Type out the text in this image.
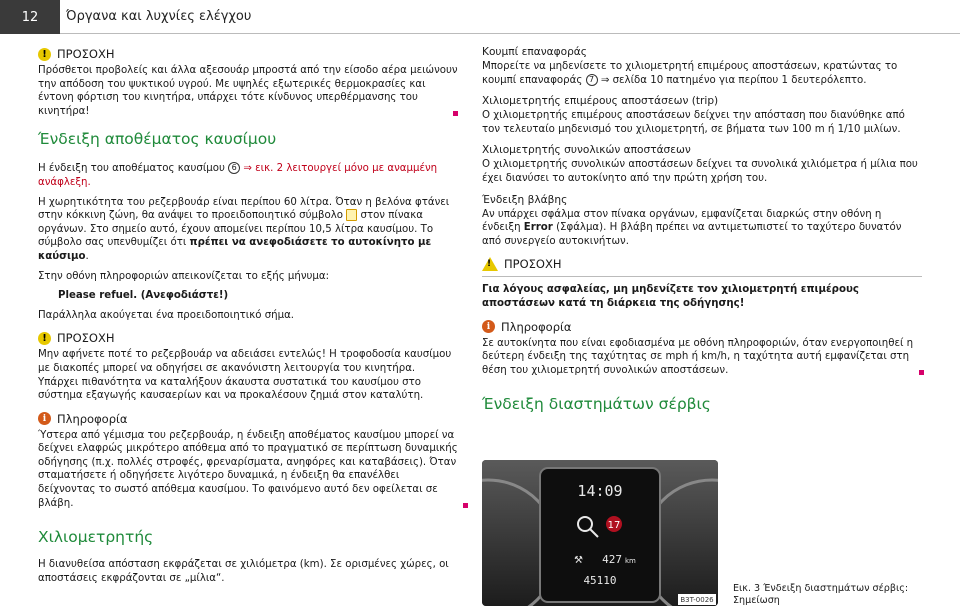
12	Όργανα και λυχνίες ελέγχου
! ΠΡΟΣΟΧΗ

Πρόσθετοι προβολείς και άλλα αξεσουάρ μπροστά από την είσοδο αέρα μειώνουν την απόδοση του ψυκτικού υγρού. Με υψηλές εξωτερικές θερμοκρασίες και έντονη φόρτιση του κινητήρα, υπάρχει τότε κίνδυνος υπερθέρμανσης του κινητήρα!

Ένδειξη αποθέματος καυσίμου

Η ένδειξη του αποθέματος καυσίμου 6 ⇒ εικ. 2 λειτουργεί μόνο με αναμμένη ανάφλεξη.

Η χωρητικότητα του ρεζερβουάρ είναι περίπου 60 λίτρα. Όταν η βελόνα φτάνει στην κόκκινη ζώνη, θα ανάψει το προειδοποιητικό σύμβολο στον πίνακα οργάνων. Στο σημείο αυτό, έχουν απομείνει περίπου 10,5 λίτρα καυσίμου. Το σύμβολο σας υπενθυμίζει ότι πρέπει να ανεφοδιάσετε το αυτοκίνητο με καύσιμο.

Στην οθόνη πληροφοριών απεικονίζεται το εξής μήνυμα:

Please refuel. (Ανεφοδιάστε!)

Παράλληλα ακούγεται ένα προειδοποιητικό σήμα.

! ΠΡΟΣΟΧΗ

Μην αφήνετε ποτέ το ρεζερβουάρ να αδειάσει εντελώς! Η τροφοδοσία καυσίμου με διακοπές μπορεί να οδηγήσει σε ακανόνιστη λειτουργία του κινητήρα. Υπάρχει πιθανότητα να καταλήξουν άκαυστα συστατικά του καυσίμου στο σύστημα εξαγωγής καυσαερίων και να προκαλέσουν ζημιά στον καταλύτη.

i Πληροφορία

Ύστερα από γέμισμα του ρεζερβουάρ, η ένδειξη αποθέματος καυσίμου μπορεί να δείχνει ελαφρώς μικρότερο απόθεμα από το πραγματικό σε περίπτωση δυναμικής οδήγησης (π.χ. πολλές στροφές, φρεναρίσματα, ανηφόρες και καταβάσεις). Όταν σταματήσετε ή οδηγήσετε λιγότερο δυναμικά, η ένδειξη θα επανέλθει δείχνοντας το σωστό απόθεμα καυσίμου. Το φαινόμενο αυτό δεν οφείλεται σε βλάβη.

Χιλιομετρητής

Η διανυθείσα απόσταση εκφράζεται σε χιλιόμετρα (km). Σε ορισμένες χώρες, οι αποστάσεις εκφράζονται σε „μίλια“.

Κουμπί επαναφοράς

Μπορείτε να μηδενίσετε το χιλιομετρητή επιμέρους αποστάσεων, κρατώντας το κουμπί επαναφοράς 7 ⇒ σελίδα 10 πατημένο για περίπου 1 δευτερόλεπτο.

Χιλιομετρητής επιμέρους αποστάσεων (trip)

Ο χιλιομετρητής επιμέρους αποστάσεων δείχνει την απόσταση που διανύθηκε από τον τελευταίο μηδενισμό του χιλιομετρητή, σε βήματα των 100 m ή 1/10 μιλίων.

Χιλιομετρητής συνολικών αποστάσεων

Ο χιλιομετρητής συνολικών αποστάσεων δείχνει τα συνολικά χιλιόμετρα ή μίλια που έχει διανύσει το αυτοκίνητο από την πρώτη χρήση του.

Ένδειξη βλάβης

Αν υπάρχει σφάλμα στον πίνακα οργάνων, εμφανίζεται διαρκώς στην οθόνη η ένδειξη Error (Σφάλμα). Η βλάβη πρέπει να αντιμετωπιστεί το ταχύτερο δυνατόν από συνεργείο αυτοκινήτων.

! ΠΡΟΣΟΧΗ

Για λόγους ασφαλείας, μη μηδενίζετε τον χιλιομετρητή επιμέρους αποστάσεων κατά τη διάρκεια της οδήγησης!

i Πληροφορία

Σε αυτοκίνητα που είναι εφοδιασμένα με οθόνη πληροφοριών, όταν ενεργοποιηθεί η δεύτερη ένδειξη της ταχύτητας σε mph ή km/h, η ταχύτητα αυτή εμφανίζεται στη θέση του χιλιομετρητή συνολικών αποστάσεων.

Ένδειξη διαστημάτων σέρβις
14:09
17
⚒ 427 km
45110
B3T-0026
Εικ. 3 Ένδειξη διαστημάτων σέρβις: Σημείωση
